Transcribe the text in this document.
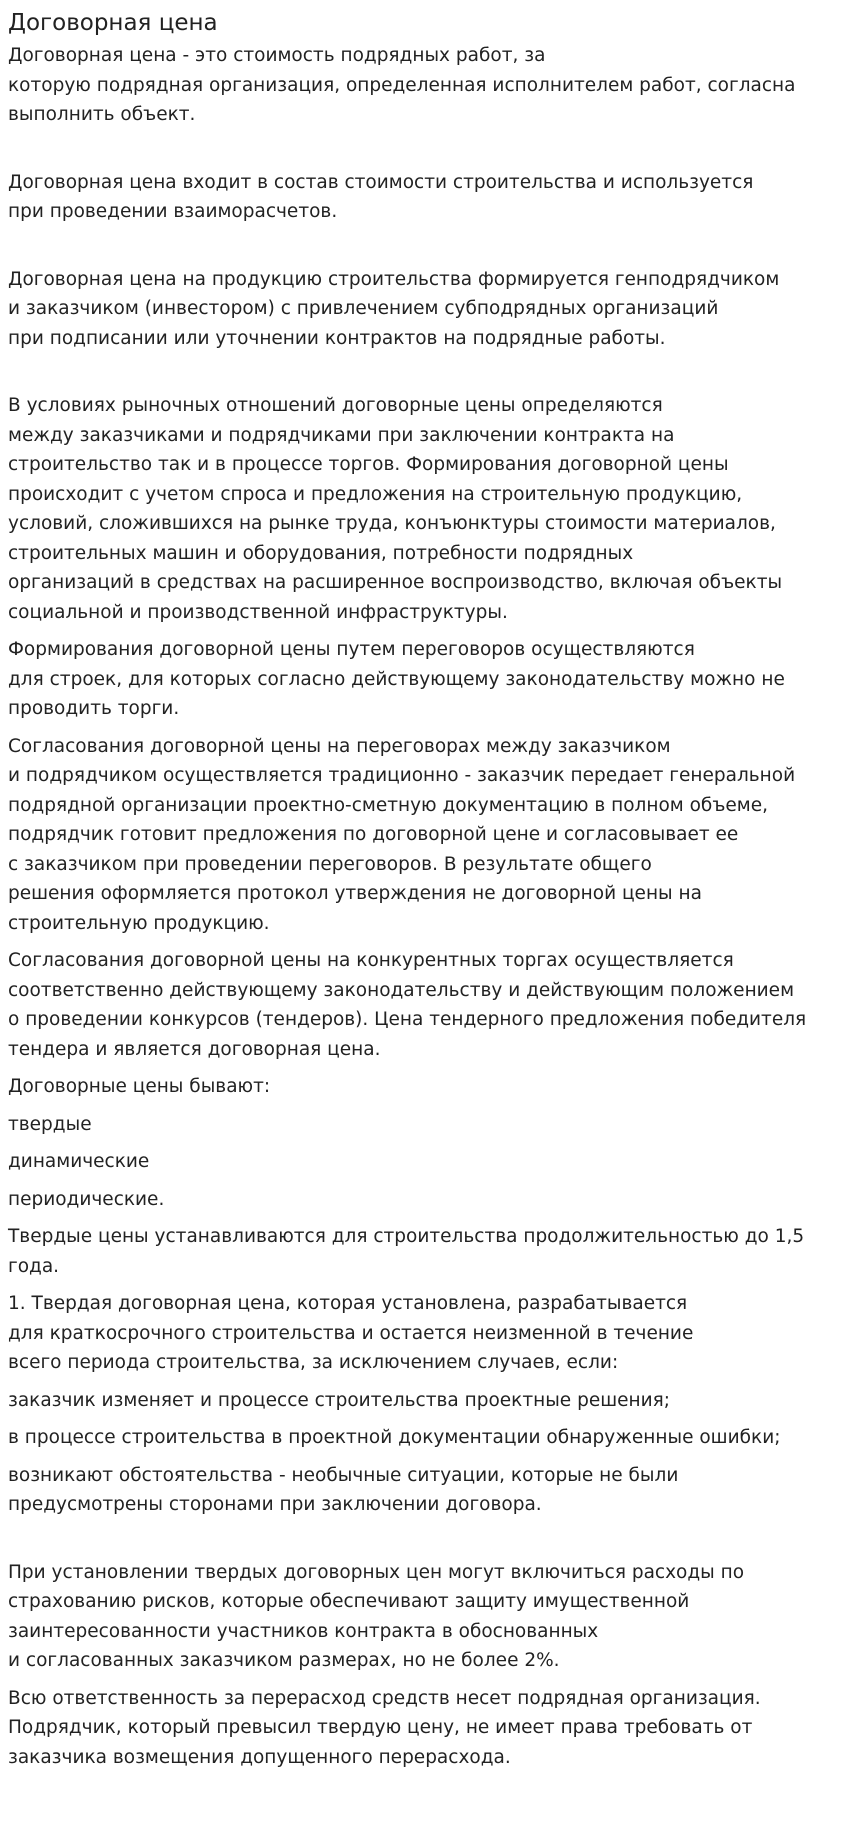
Договорная цена

Договорная цена - это стоимость подрядных работ, за
которую подрядная организация, определенная исполнителем работ, согласна
выполнить объект.

Договорная цена входит в состав стоимости строительства и используется
при проведении взаиморасчетов.

Договорная цена на продукцию строительства формируется генподрядчиком
и заказчиком (инвестором) с привлечением субподрядных организаций
при подписании или уточнении контрактов на подрядные работы.

В условиях рыночных отношений договорные цены определяются
между заказчиками и подрядчиками при заключении контракта на
строительство так и в процессе торгов. Формирования договорной цены
происходит с учетом спроса и предложения на строительную продукцию,
условий, сложившихся на рынке труда, конъюнктуры стоимости материалов,
строительных машин и оборудования, потребности подрядных
организаций в средствах на расширенное воспроизводство, включая объекты
социальной и производственной инфраструктуры.

Формирования договорной цены путем переговоров осуществляются
для строек, для которых согласно действующему законодательству можно не
проводить торги.

Согласования договорной цены на переговорах между заказчиком
и подрядчиком осуществляется традиционно - заказчик передает генеральной
подрядной организации проектно-сметную документацию в полном объеме,
подрядчик готовит предложения по договорной цене и согласовывает ее
с заказчиком при проведении переговоров. В результате общего
решения оформляется протокол утверждения не договорной цены на
строительную продукцию.

Согласования договорной цены на конкурентных торгах осуществляется
соответственно действующему законодательству и действующим положением
о проведении конкурсов (тендеров). Цена тендерного предложения победителя
тендера и является договорная цена.

Договорные цены бывают:

твердые

динамические

периодические.

Твердые цены устанавливаются для строительства продолжительностью до 1,5
года.

1. Твердая договорная цена, которая установлена, разрабатывается
для краткосрочного строительства и остается неизменной в течение
всего периода строительства, за исключением случаев, если:

заказчик изменяет и процессе строительства проектные решения;

в процессе строительства в проектной документации обнаруженные ошибки;

возникают обстоятельства - необычные ситуации, которые не были
предусмотрены сторонами при заключении договора.

При установлении твердых договорных цен могут включиться расходы по
страхованию рисков, которые обеспечивают защиту имущественной
заинтересованности участников контракта в обоснованных
и согласованных заказчиком размерах, но не более 2%.

Всю ответственность за перерасход средств несет подрядная организация.
Подрядчик, который превысил твердую цену, не имеет права требовать от
заказчика возмещения допущенного перерасхода.
